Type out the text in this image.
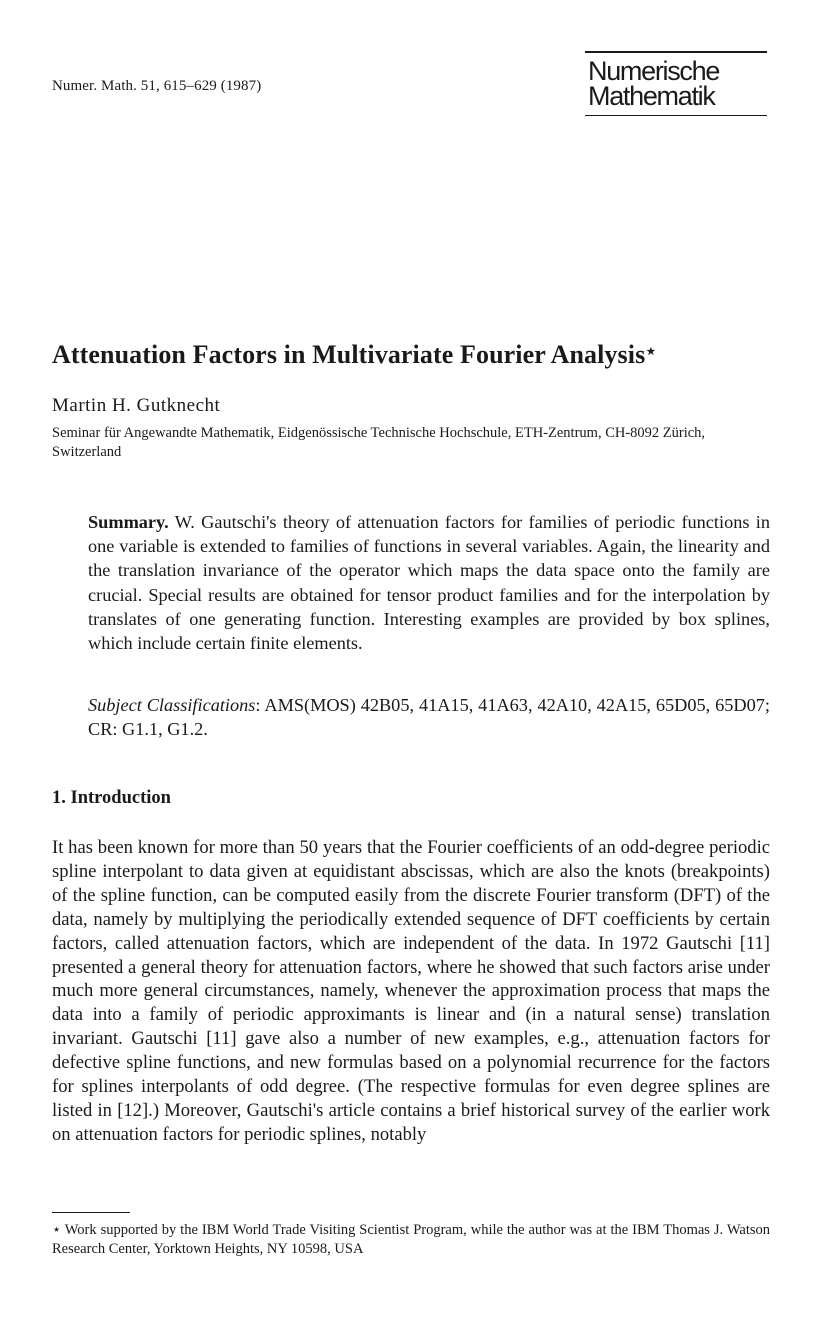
Numer. Math. 51, 615–629 (1987)
Numerische
Mathematik
Attenuation Factors in Multivariate Fourier Analysis⋆
Martin H. Gutknecht
Seminar für Angewandte Mathematik, Eidgenössische Technische Hochschule, ETH-Zentrum, CH-8092 Zürich, Switzerland

Summary. W. Gautschi's theory of attenuation factors for families of periodic functions in one variable is extended to families of functions in several variables. Again, the linearity and the translation invariance of the operator which maps the data space onto the family are crucial. Special results are obtained for tensor product families and for the interpolation by translates of one generating function. Interesting examples are provided by box splines, which include certain finite elements.

Subject Classifications: AMS(MOS) 42B05, 41A15, 41A63, 42A10, 42A15, 65D05, 65D07; CR: G1.1, G1.2.

1. Introduction

It has been known for more than 50 years that the Fourier coefficients of an odd-degree periodic spline interpolant to data given at equidistant abscissas, which are also the knots (breakpoints) of the spline function, can be computed easily from the discrete Fourier transform (DFT) of the data, namely by multiplying the periodically extended sequence of DFT coefficients by certain factors, called attenuation factors, which are independent of the data. In 1972 Gautschi [11] presented a general theory for attenuation factors, where he showed that such factors arise under much more general circumstances, namely, whenever the approximation process that maps the data into a family of periodic approximants is linear and (in a natural sense) translation invariant. Gautschi [11] gave also a number of new examples, e.g., attenuation factors for defective spline functions, and new formulas based on a polynomial recurrence for the factors for splines interpolants of odd degree. (The respective formulas for even degree splines are listed in [12].) Moreover, Gautschi's article contains a brief historical survey of the earlier work on attenuation factors for periodic splines, notably

⋆ Work supported by the IBM World Trade Visiting Scientist Program, while the author was at the IBM Thomas J. Watson Research Center, Yorktown Heights, NY 10598, USA
